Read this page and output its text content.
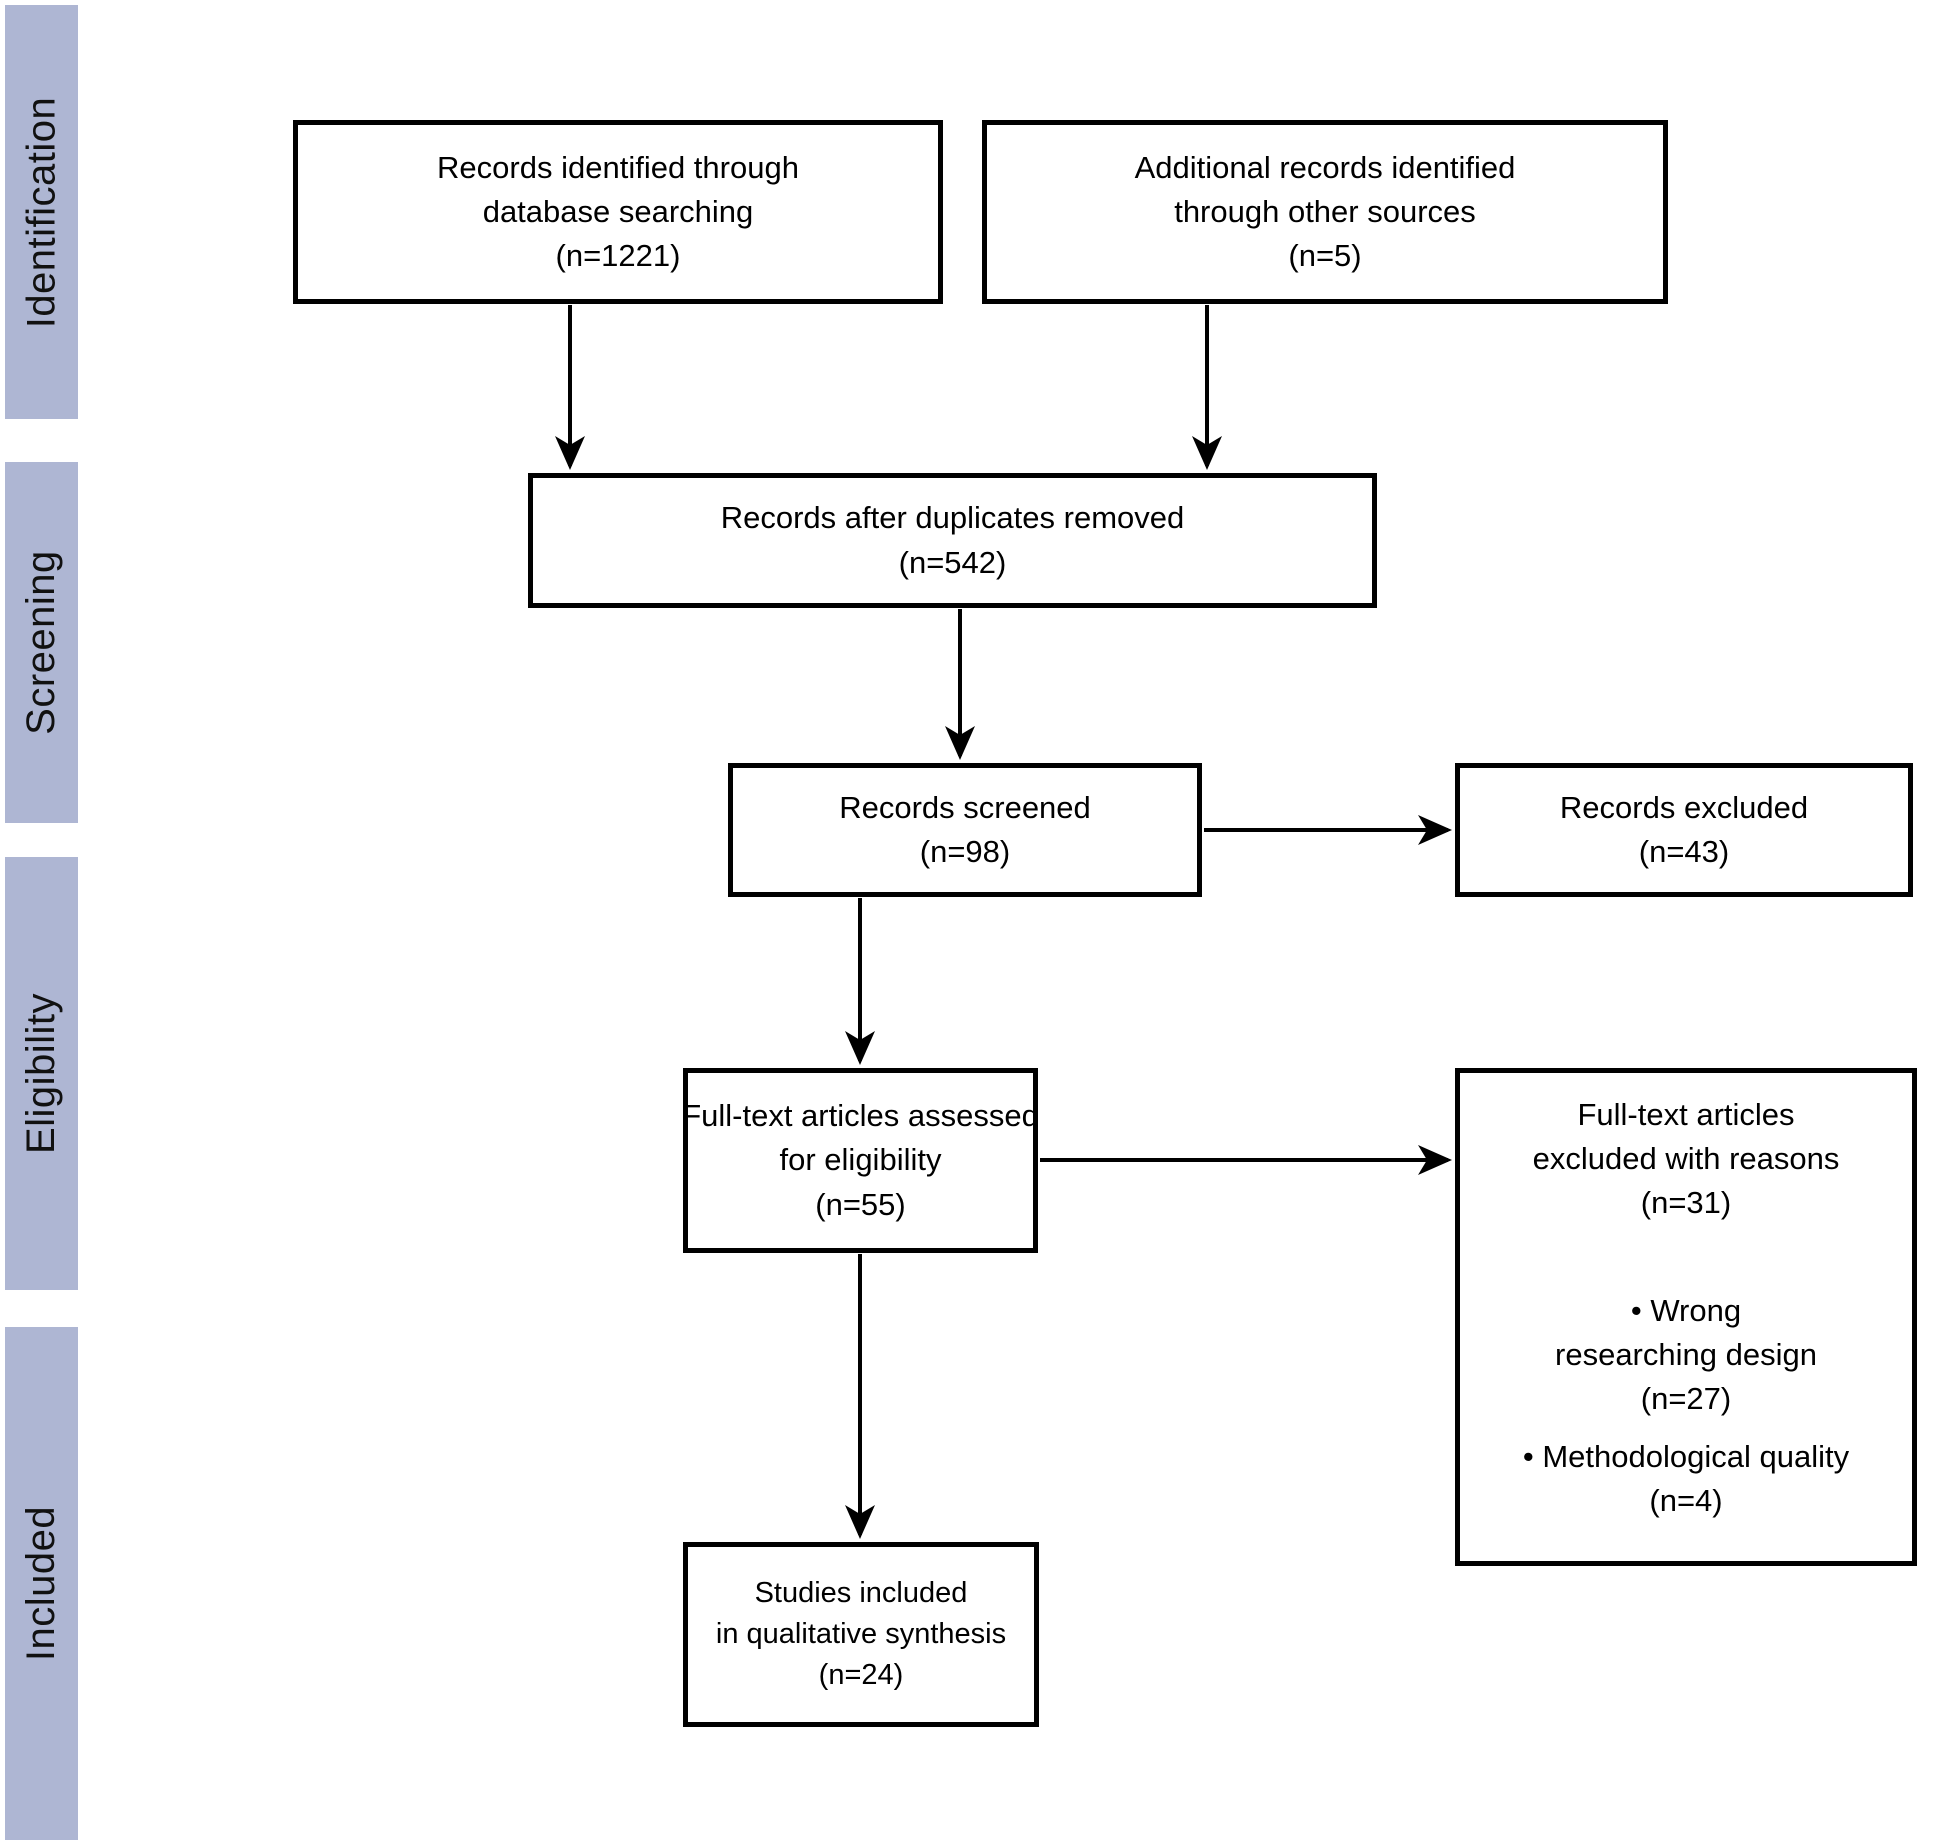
Identification
Screening
Eligibility
Included
Records identified through
database searching
(n=1221)
Additional records identified
through other sources
(n=5)
Records after duplicates removed
(n=542)
Records screened
(n=98)
Records excluded
(n=43)
Full-text articles assessed
for eligibility
(n=55)
Full-text articles
excluded with reasons
(n=31)
• Wrong
researching design
(n=27)
• Methodological quality
(n=4)
Studies included
in qualitative synthesis
(n=24)
